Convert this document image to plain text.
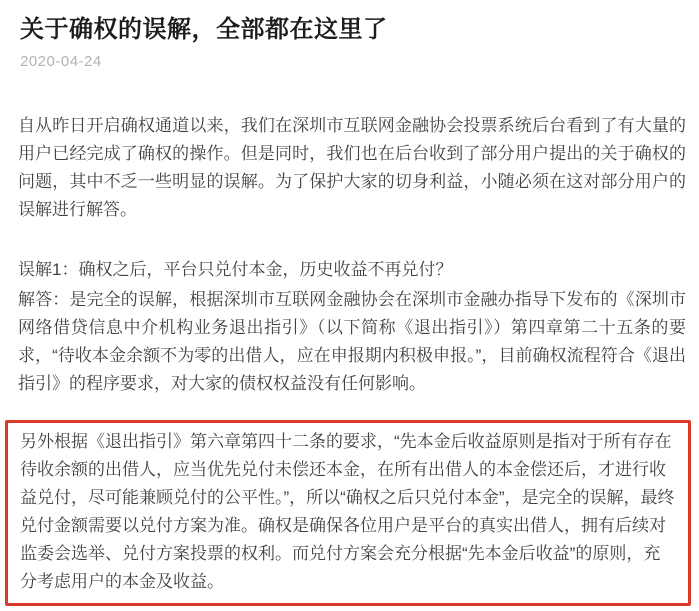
关于确权的误解，全部都在这里了
2020-04-24

自从昨日开启确权通道以来，我们在深圳市互联网金融协会投票系统后台看到了有大量的用户已经完成了确权的操作。但是同时，我们也在后台收到了部分用户提出的关于确权的问题，其中不乏一些明显的误解。为了保护大家的切身利益，小随必须在这对部分用户的误解进行解答。

误解1：确权之后，平台只兑付本金，历史收益不再兑付？

解答：是完全的误解，根据深圳市互联网金融协会在深圳市金融办指导下发布的《深圳市网络借贷信息中介机构业务退出指引》（以下简称《退出指引》）第四章第二十五条的要求，“待收本金余额不为零的出借人，应在申报期内积极申报。”，目前确权流程符合《退出指引》的程序要求，对大家的债权权益没有任何影响。

另外根据《退出指引》第六章第四十二条的要求，“先本金后收益原则是指对于所有存在待收余额的出借人，应当优先兑付未偿还本金，在所有出借人的本金偿还后，才进行收益兑付，尽可能兼顾兑付的公平性。”，所以“确权之后只兑付本金”，是完全的误解，最终兑付金额需要以兑付方案为准。确权是确保各位用户是平台的真实出借人，拥有后续对监委会选举、兑付方案投票的权利。而兑付方案会充分根据“先本金后收益”的原则，充分考虑用户的本金及收益。
